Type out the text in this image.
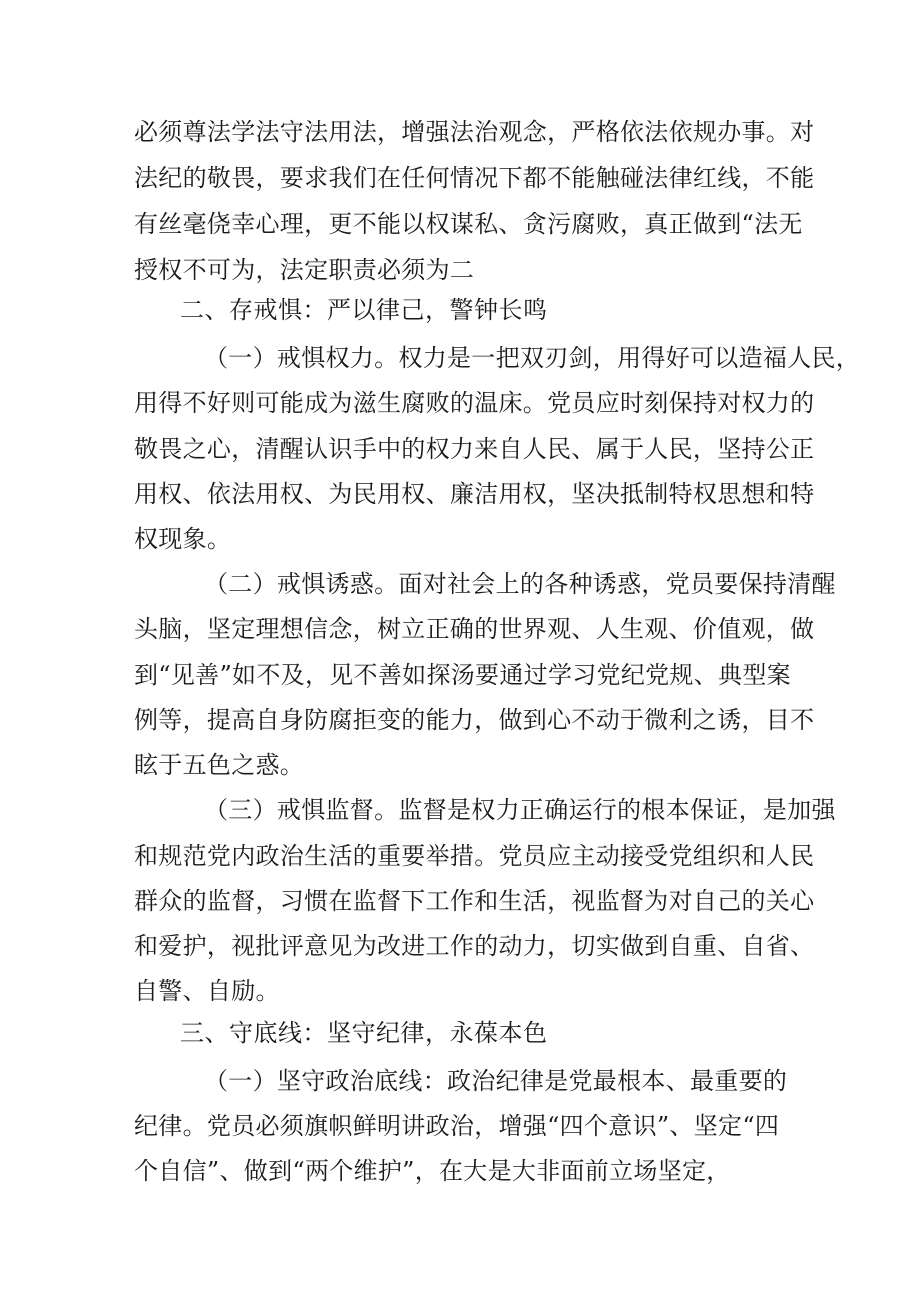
必须尊法学法守法用法，增强法治观念，严格依法依规办事。对
法纪的敬畏，要求我们在任何情况下都不能触碰法律红线，不能
有丝毫侥幸心理，更不能以权谋私、贪污腐败，真正做到“法无
授权不可为，法定职责必须为二
二、存戒惧：严以律己，警钟长鸣
（一）戒惧权力。权力是一把双刃剑，用得好可以造福人民，
用得不好则可能成为滋生腐败的温床。党员应时刻保持对权力的
敬畏之心，清醒认识手中的权力来自人民、属于人民，坚持公正
用权、依法用权、为民用权、廉洁用权，坚决抵制特权思想和特
权现象。
（二）戒惧诱惑。面对社会上的各种诱惑，党员要保持清醒
头脑，坚定理想信念，树立正确的世界观、人生观、价值观，做
到“见善”如不及，见不善如探汤要通过学习党纪党规、典型案
例等，提高自身防腐拒变的能力，做到心不动于微利之诱，目不
眩于五色之惑。
（三）戒惧监督。监督是权力正确运行的根本保证，是加强
和规范党内政治生活的重要举措。党员应主动接受党组织和人民
群众的监督，习惯在监督下工作和生活，视监督为对自己的关心
和爱护，视批评意见为改进工作的动力，切实做到自重、自省、
自警、自励。
三、守底线：坚守纪律，永葆本色
（一）坚守政治底线：政治纪律是党最根本、最重要的
纪律。党员必须旗帜鲜明讲政治，增强“四个意识”、坚定“四
个自信”、做到“两个维护”，在大是大非面前立场坚定，
